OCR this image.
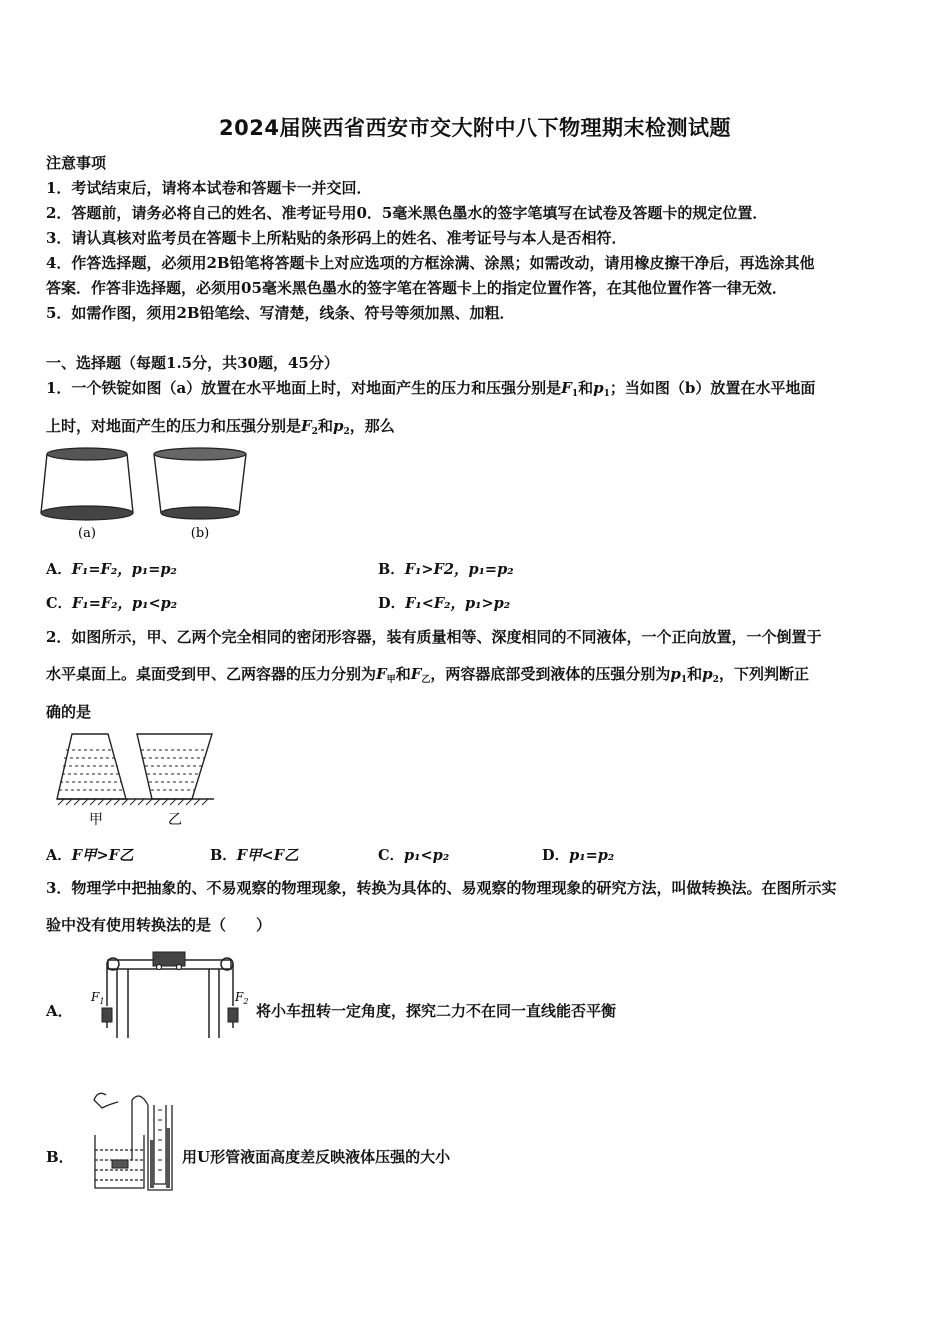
2024届陕西省西安市交大附中八下物理期末检测试题
注意事项
1．考试结束后，请将本试卷和答题卡一并交回．
2．答题前，请务必将自己的姓名、准考证号用0．5毫米黑色墨水的签字笔填写在试卷及答题卡的规定位置．
3．请认真核对监考员在答题卡上所粘贴的条形码上的姓名、准考证号与本人是否相符．
4．作答选择题，必须用2B铅笔将答题卡上对应选项的方框涂满、涂黑；如需改动，请用橡皮擦干净后，再选涂其他
答案．作答非选择题，必须用05毫米黑色墨水的签字笔在答题卡上的指定位置作答，在其他位置作答一律无效．
5．如需作图，须用2B铅笔绘、写清楚，线条、符号等须加黑、加粗．
一、选择题（每题1.5分，共30题，45分）
1．一个铁锭如图（a）放置在水平地面上时，对地面产生的压力和压强分别是$F_1$和$p_1$；当如图（b）放置在水平地面
上时，对地面产生的压力和压强分别是$F_2$和$p_2$，那么
(a)	(b)
A．F₁=F₂，p₁=p₂	B．F₁>F2，p₁=p₂
C．F₁=F₂，p₁<p₂	D．F₁<F₂，p₁>p₂
2．如图所示，甲、乙两个完全相同的密闭形容器，装有质量相等、深度相同的不同液体，一个正向放置，一个倒置于
水平桌面上。桌面受到甲、乙两容器的压力分别为$F_甲$和$F_乙$，两容器底部受到液体的压强分别为$p_1$和$p_2$，下列判断正
确的是
甲	乙
A．F甲>F乙	B．F甲<F乙	C．p₁<p₂	D．p₁=p₂
3．物理学中把抽象的、不易观察的物理现象，转换为具体的、易观察的物理现象的研究方法，叫做转换法。在图所示实
验中没有使用转换法的是（　　）
A．
$F_1$	$F_2$
将小车扭转一定角度，探究二力不在同一直线能否平衡
B．	用U形管液面高度差反映液体压强的大小
